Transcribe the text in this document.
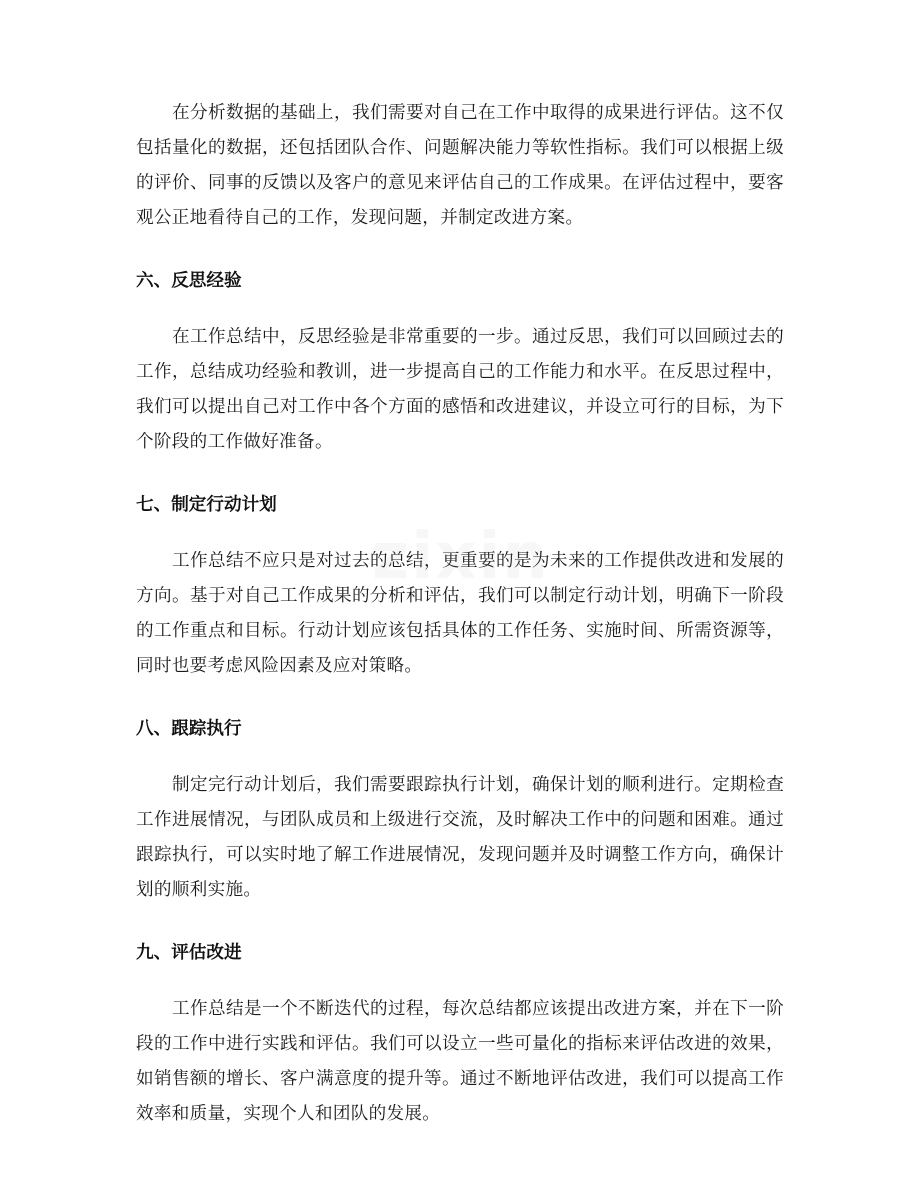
在分析数据的基础上，我们需要对自己在工作中取得的成果进行评估。这不仅包括量化的数据，还包括团队合作、问题解决能力等软性指标。我们可以根据上级的评价、同事的反馈以及客户的意见来评估自己的工作成果。在评估过程中，要客观公正地看待自己的工作，发现问题，并制定改进方案。

六、反思经验

在工作总结中，反思经验是非常重要的一步。通过反思，我们可以回顾过去的工作，总结成功经验和教训，进一步提高自己的工作能力和水平。在反思过程中，我们可以提出自己对工作中各个方面的感悟和改进建议，并设立可行的目标，为下个阶段的工作做好准备。

七、制定行动计划

工作总结不应只是对过去的总结，更重要的是为未来的工作提供改进和发展的方向。基于对自己工作成果的分析和评估，我们可以制定行动计划，明确下一阶段的工作重点和目标。行动计划应该包括具体的工作任务、实施时间、所需资源等，同时也要考虑风险因素及应对策略。

八、跟踪执行

制定完行动计划后，我们需要跟踪执行计划，确保计划的顺利进行。定期检查工作进展情况，与团队成员和上级进行交流，及时解决工作中的问题和困难。通过跟踪执行，可以实时地了解工作进展情况，发现问题并及时调整工作方向，确保计划的顺利实施。

九、评估改进

工作总结是一个不断迭代的过程，每次总结都应该提出改进方案，并在下一阶段的工作中进行实践和评估。我们可以设立一些可量化的指标来评估改进的效果，如销售额的增长、客户满意度的提升等。通过不断地评估改进，我们可以提高工作效率和质量，实现个人和团队的发展。

zixin
